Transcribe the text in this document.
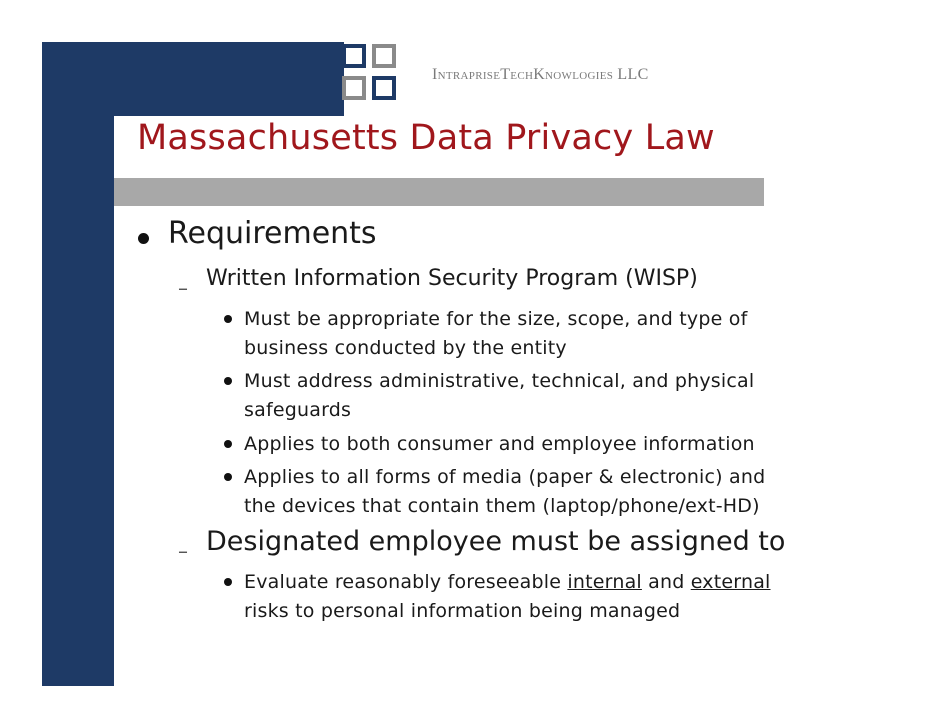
IntrapriseTechKnowlogies LLC
Massachusetts Data Privacy Law
Requirements
– Written Information Security Program (WISP)
Must be appropriate for the size, scope, and type of
business conducted by the entity
Must address administrative, technical, and physical
safeguards
Applies to both consumer and employee information
Applies to all forms of media (paper & electronic) and
the devices that contain them (laptop/phone/ext-HD)
– Designated employee must be assigned to
Evaluate reasonably foreseeable internal and external
risks to personal information being managed
